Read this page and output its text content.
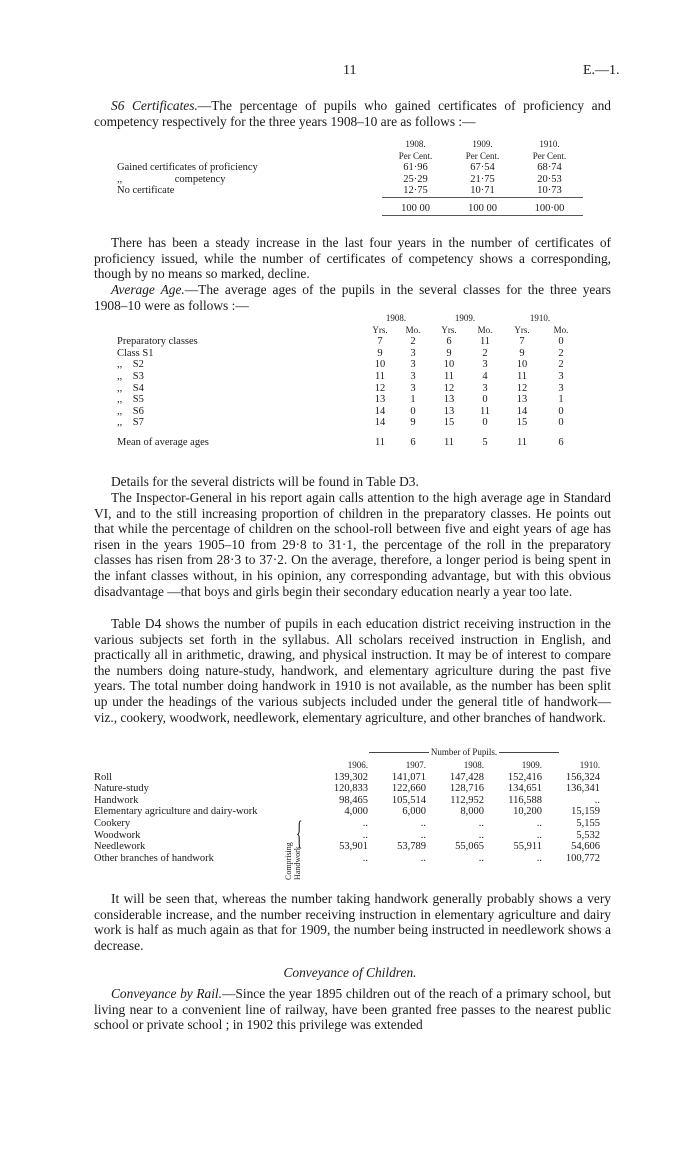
11	E.—1.

S6 Certificates.—The percentage of pupils who gained certificates of proficiency and competency respectively for the three years 1908–10 are as follows :—

	1908.	1909.	1910.
	Per Cent.	Per Cent.	Per Cent.
Gained certificates of proficiency	61·96	67·54	68·74
,,                    competency	25·29	21·75	20·53
No certificate	12·75	10·71	10·73

	100 00	100 00	100·00

There has been a steady increase in the last four years in the number of certificates of proficiency issued, while the number of certificates of competency shows a corresponding, though by no means so marked, decline.

Average Age.—The average ages of the pupils in the several classes for the three years 1908–10 were as follows :—

	1908.		1909.		1910.	
	Yrs.	Mo.	Yrs.	Mo.	Yrs.	Mo.
Preparatory classes	7	2	6	11	7	0
Class S1	9	3	9	2	9	2
,,    S2	10	3	10	3	10	2
,,    S3	11	3	11	4	11	3
,,    S4	12	3	12	3	12	3
,,    S5	13	1	13	0	13	1
,,    S6	14	0	13	11	14	0
,,    S7	14	9	15	0	15	0

Mean of average ages	11	6	11	5	11	6

Details for the several districts will be found in Table D3.

The Inspector-General in his report again calls attention to the high average age in Standard VI, and to the still increasing proportion of children in the preparatory classes. He points out that while the percentage of children on the school-roll between five and eight years of age has risen in the years 1905–10 from 29·8 to 31·1, the percentage of the roll in the preparatory classes has risen from 28·3 to 37·2. On the average, therefore, a longer period is being spent in the infant classes without, in his opinion, any corresponding advantage, but with this obvious disadvantage —that boys and girls begin their secondary education nearly a year too late.

Table D4 shows the number of pupils in each education district receiving instruction in the various subjects set forth in the syllabus. All scholars received instruction in English, and practically all in arithmetic, drawing, and physical instruction. It may be of interest to compare the numbers doing nature-study, handwork, and elementary agriculture during the past five years. The total number doing handwork in 1910 is not available, as the number has been split up under the headings of the various subjects included under the general title of handwork—viz., cookery, woodwork, needlework, elementary agriculture, and other branches of handwork.

Number of Pupils.
Comprising Handwork.
{
	1906.	1907.	1908.	1909.	1910.
Roll	139,302	141,071	147,428	152,416	156,324
Nature-study	120,833	122,660	128,716	134,651	136,341
Handwork	98,465	105,514	112,952	116,588	..
Elementary agriculture and dairy-work	4,000	6,000	8,000	10,200	15,159
Cookery	..	..	..	..	5,155
Woodwork	..	..	..	..	5,532
Needlework	53,901	53,789	55,065	55,911	54,606
Other branches of handwork	..	..	..	..	100,772

It will be seen that, whereas the number taking handwork generally probably shows a very considerable increase, and the number receiving instruction in elementary agriculture and dairy work is half as much again as that for 1909, the number being instructed in needlework shows a decrease.

Conveyance of Children.

Conveyance by Rail.—Since the year 1895 children out of the reach of a primary school, but living near to a convenient line of railway, have been granted free passes to the nearest public school or private school ; in 1902 this privilege was extended
